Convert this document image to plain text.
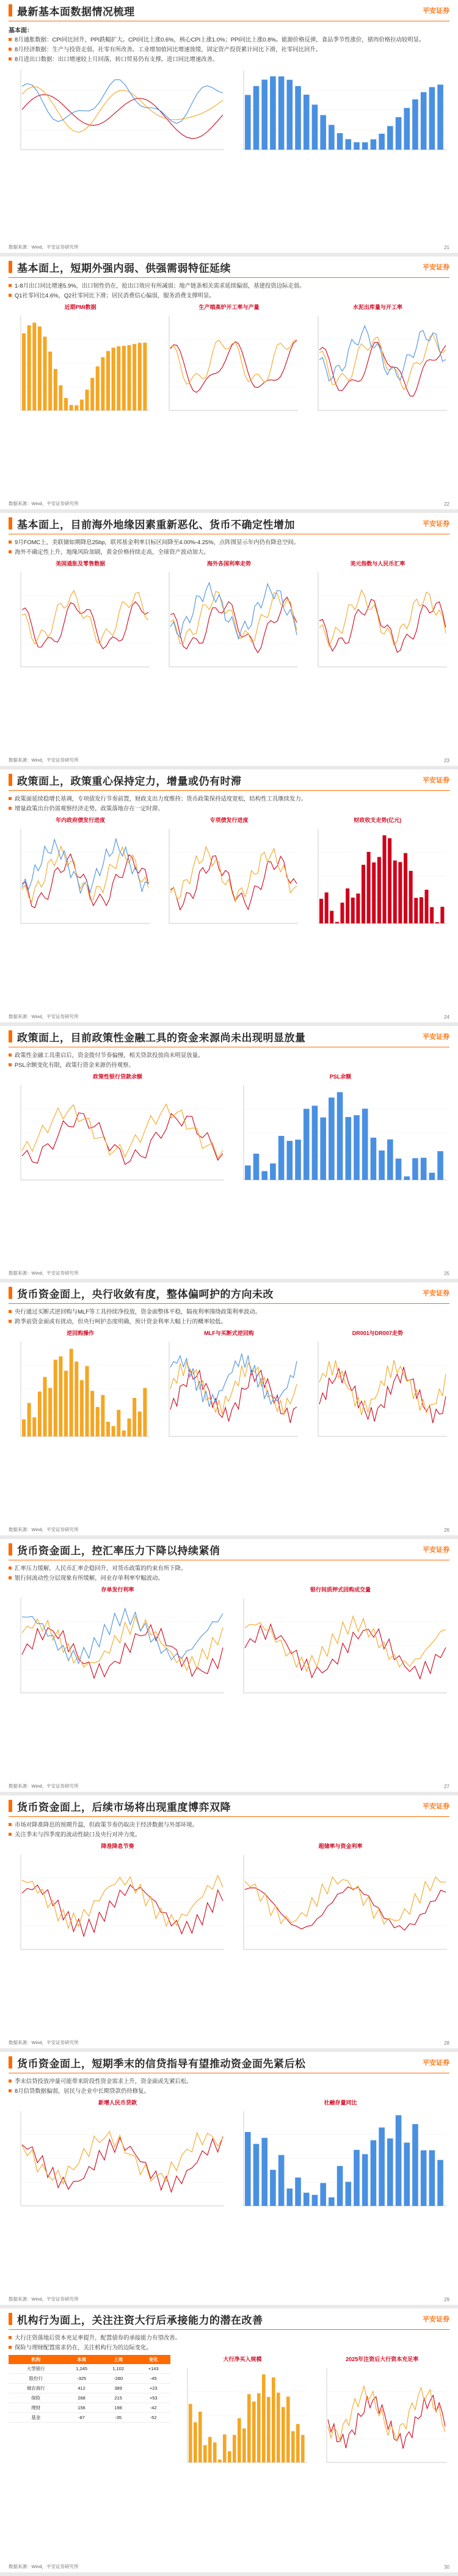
最新基本面数据情况梳理	平安证券
基本面：
8月通胀数据：CPI同比回升，PPI跌幅扩大。CPI同比上涨0.6%，核心CPI上涨1.0%；PPI同比上涨0.8%。能源价格反弹，食品季节性涨价，猪肉价格拉动较明显。
8月经济数据：生产与投资走弱，社零有所改善。工业增加值同比增速放缓，固定资产投资累计同比下滑，社零同比回升。
8月进出口数据：出口增速较上月回落，转口贸易仍有支撑。进口同比增速改善。
数据来源：Wind，平安证券研究所	21
基本面上，短期外强内弱、供强需弱特征延续	平安证券
1-8月出口同比增速5.9%，出口韧性仍在，抢出口效应有所减弱；地产链条相关需求延续偏弱，基建投资边际走弱。
Q1社零同比4.6%，Q2社零同比下滑；居民消费信心偏弱，服务消费支撑明显。
近期PMI数据	生产端高炉开工率与产量	水泥出库量与开工率
数据来源：Wind，平安证券研究所	22
基本面上，目前海外地缘因素重新恶化、货币不确定性增加	平安证券
9月FOMC上，美联储如期降息25bp，联邦基金利率目标区间降至4.00%-4.25%，点阵图显示年内仍有降息空间。
海外不确定性上升，地缘风险加剧，黄金价格持续走高，全球资产波动加大。
美国通胀及零售数据	海外各国利率走势	美元指数与人民币汇率
数据来源：Wind，平安证券研究所	23
政策面上，政策重心保持定力，增量或仍有时滞	平安证券
政策面延续稳增长基调，专项债发行节奏前置，财政支出力度维持；货币政策保持适度宽松，结构性工具继续发力。
增量政策出台仍需观察经济走势，政策落地存在一定时滞。
年内政府债发行进度	专项债发行进度	财政收支走势(亿元)
数据来源：Wind，平安证券研究所	24
政策面上，目前政策性金融工具的资金来源尚未出现明显放量	平安证券
政策性金融工具重启后，资金拨付节奏偏慢，相关贷款投放尚未明显放量。
PSL余额变化有限，政策行资金来源仍待观察。
政策性银行贷款余额	PSL余额
数据来源：Wind，平安证券研究所	25
货币资金面上，央行收敛有度，整体偏呵护的方向未改	平安证券
央行通过买断式逆回购与MLF等工具持续净投放，资金面整体平稳，隔夜利率围绕政策利率波动。
跨季前资金面或有扰动，但央行呵护态度明确，预计资金利率大幅上行的概率较低。
逆回购操作	MLF与买断式逆回购	DR001与DR007走势
数据来源：Wind，平安证券研究所	26
货币资金面上，控汇率压力下降以持续紧俏	平安证券
汇率压力缓解，人民币汇率企稳回升，对货币政策的约束有所下降。
银行间流动性分层现象有所缓解，同业存单利率窄幅波动。
存单发行利率	银行间质押式回购成交量
数据来源：Wind，平安证券研究所	27
货币资金面上，后续市场将出现重度博弈双降	平安证券
市场对降准降息的预期升温，但政策节奏仍取决于经济数据与外部环境。
关注季末与四季度的流动性缺口及央行对冲力度。
降准降息节奏	超储率与资金利率
数据来源：Wind，平安证券研究所	28
货币资金面上，短期季末的信贷指导有望推动资金面先紧后松	平安证券
季末信贷投放冲量可能带来阶段性资金需求上升，资金面或先紧后松。
8月信贷数据偏弱，居民与企业中长期贷款仍待修复。
新增人民币贷款	社融存量同比
数据来源：Wind，平安证券研究所	29
机构行为面上，关注注资大行后承接能力的潜在改善	平安证券
大行注资落地后资本充足率提升，配置债券的承接能力有望改善。
保险与理财配置需求仍在，关注机构行为的边际变化。
机构	本周	上周	变化
大型银行	1,245	1,102	+143
股份行	-325	-280	-45
城农商行	412	389	+23
保险	268	215	+53
理财	156	198	-42
基金	-87	-35	-52
大行净买入规模	2025年注资后大行资本充足率
数据来源：Wind，平安证券研究所	30
